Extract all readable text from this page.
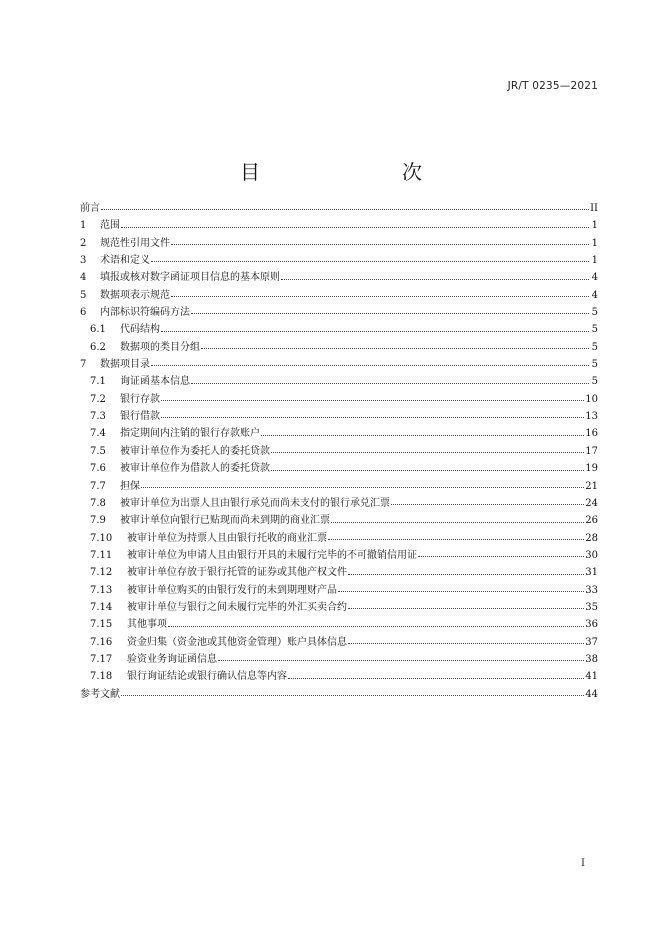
JR/T 0235—2021
目　　次
前言	II
1	范围	1
2	规范性引用文件	1
3	术语和定义	1
4	填报或核对数字函证项目信息的基本原则	4
5	数据项表示规范	4
6	内部标识符编码方法	5
6.1	代码结构	5
6.2	数据项的类目分组	5
7	数据项目录	5
7.1	询证函基本信息	5
7.2	银行存款	10
7.3	银行借款	13
7.4	指定期间内注销的银行存款账户	16
7.5	被审计单位作为委托人的委托贷款	17
7.6	被审计单位作为借款人的委托贷款	19
7.7	担保	21
7.8	被审计单位为出票人且由银行承兑而尚未支付的银行承兑汇票	24
7.9	被审计单位向银行已贴现而尚未到期的商业汇票	26
7.10	被审计单位为持票人且由银行托收的商业汇票	28
7.11	被审计单位为申请人且由银行开具的未履行完毕的不可撤销信用证	30
7.12	被审计单位存放于银行托管的证券或其他产权文件	31
7.13	被审计单位购买的由银行发行的未到期理财产品	33
7.14	被审计单位与银行之间未履行完毕的外汇买卖合约	35
7.15	其他事项	36
7.16	资金归集（资金池或其他资金管理）账户具体信息	37
7.17	验资业务询证函信息	38
7.18	银行询证结论或银行确认信息等内容	41
参考文献	44
I
